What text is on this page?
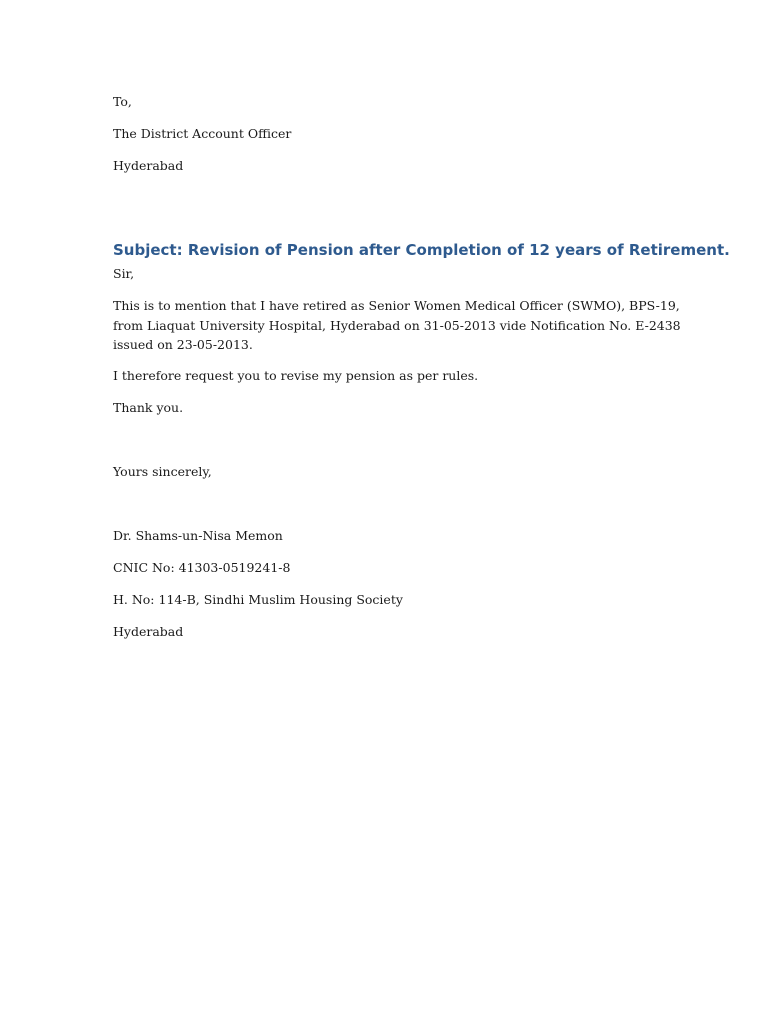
To,

The District Account Officer

Hyderabad

Subject: Revision of Pension after Completion of 12 years of Retirement.

Sir,

This is to mention that I have retired as Senior Women Medical Officer (SWMO), BPS-19,
from Liaquat University Hospital, Hyderabad on 31-05-2013 vide Notification No. E-2438
issued on 23-05-2013.

I therefore request you to revise my pension as per rules.

Thank you.

Yours sincerely,

Dr. Shams-un-Nisa Memon

CNIC No: 41303-0519241-8

H. No: 114-B, Sindhi Muslim Housing Society

Hyderabad
